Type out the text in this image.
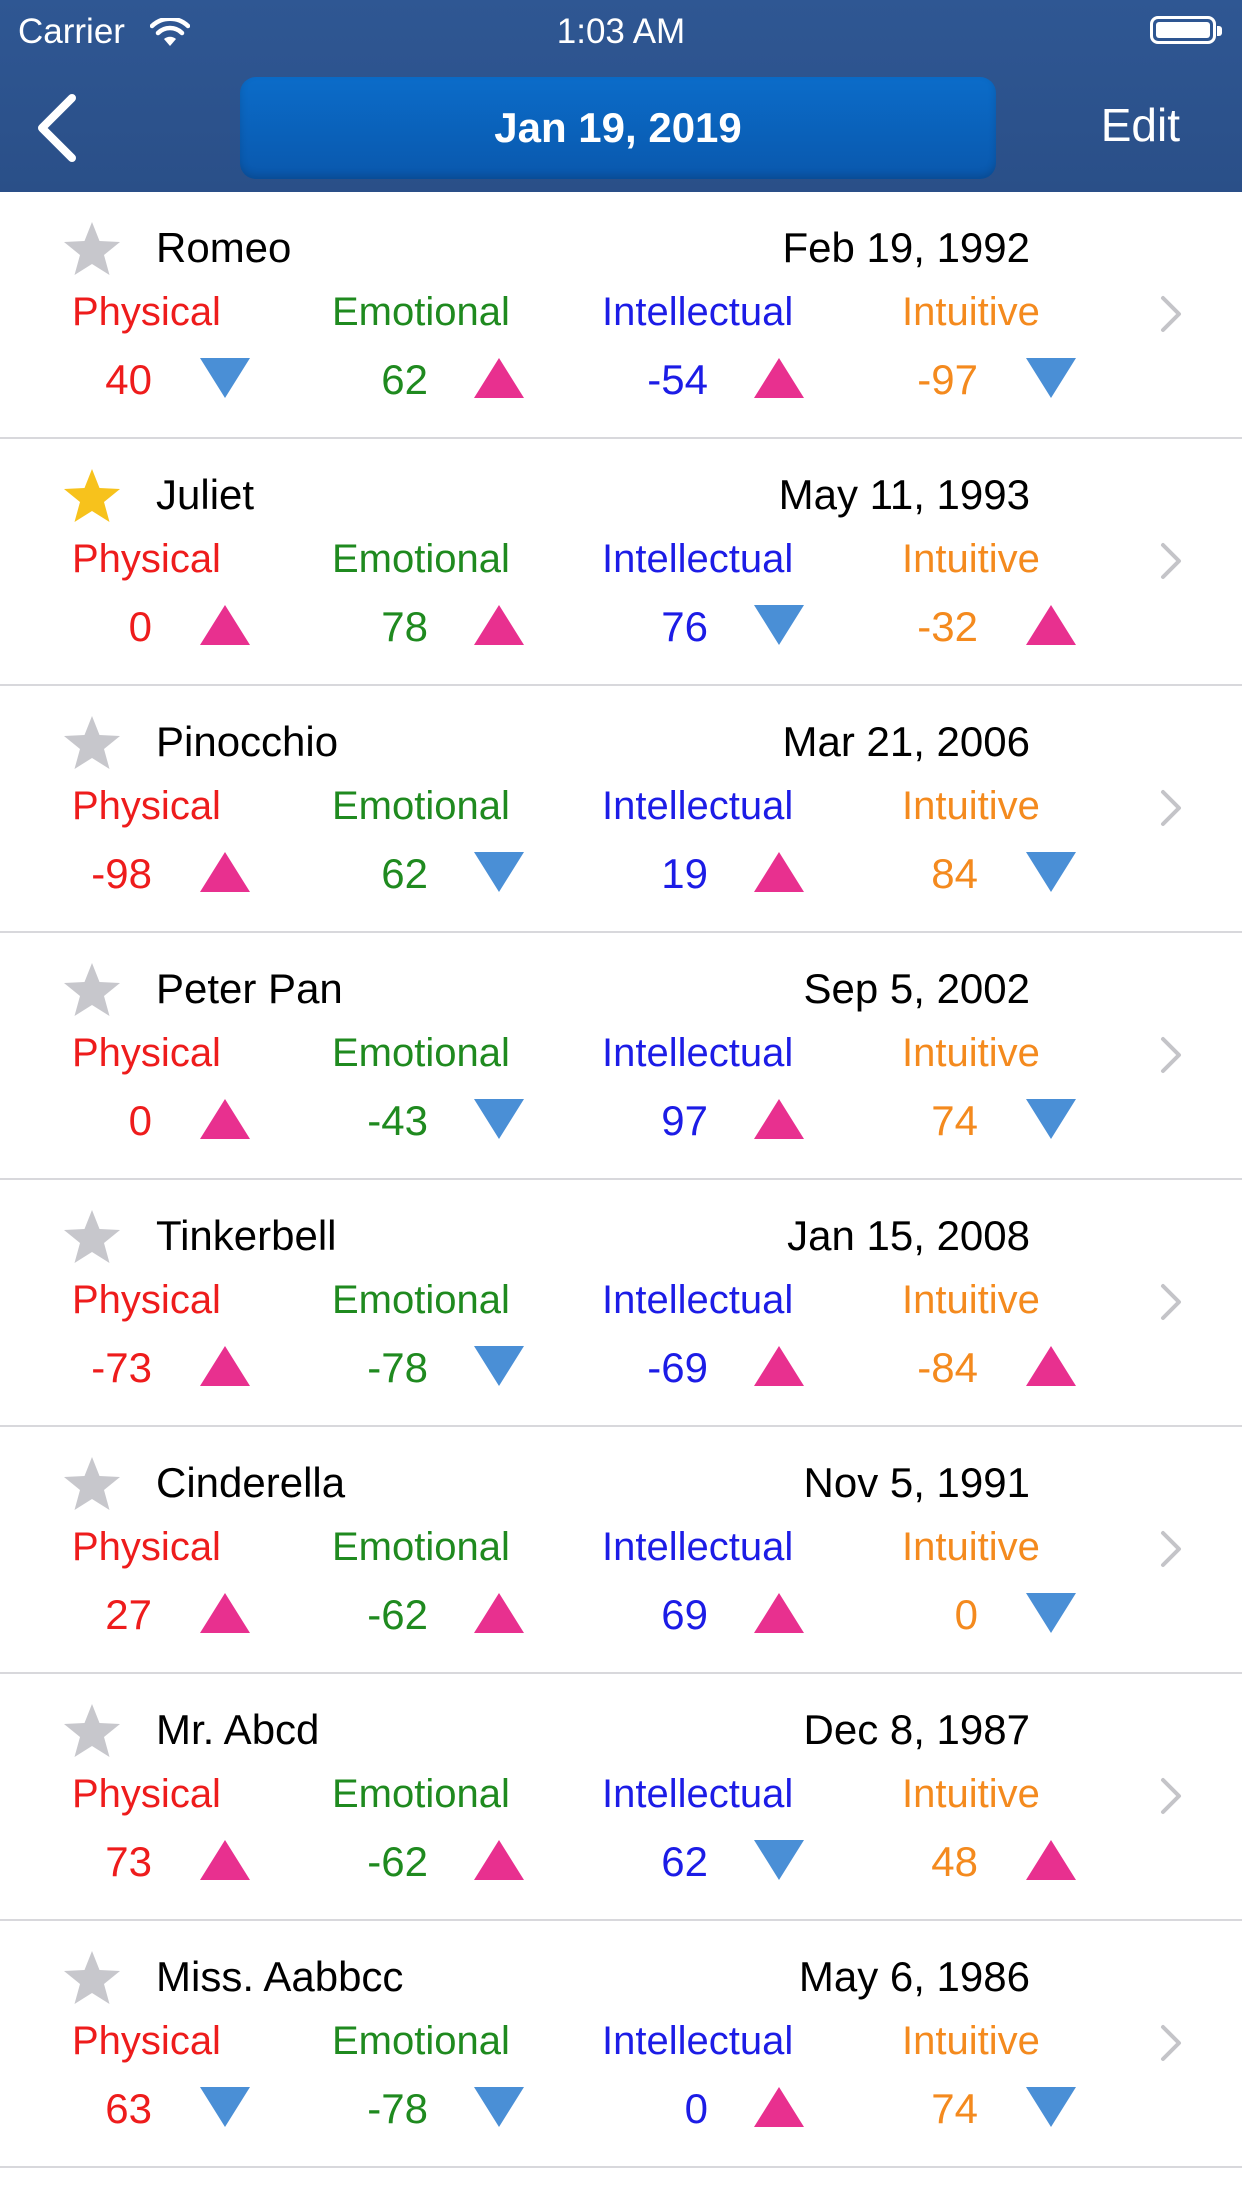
Carrier	1:03 AM
Jan 19, 2019	Edit
Romeo	Feb 19, 1992
Physical	Emotional Intellectual	Intuitive
40	62	-54	-97
Juliet	May 11, 1993
Physical	Emotional Intellectual	Intuitive
0	78	76	-32
Pinocchio	Mar 21, 2006
Physical	Emotional Intellectual	Intuitive
-98	62	19	84
Peter Pan	Sep 5, 2002
Physical	Emotional Intellectual	Intuitive
0	-43	97	74
Tinkerbell	Jan 15, 2008
Physical	Emotional Intellectual	Intuitive
-73	-78	-69	-84
Cinderella	Nov 5, 1991
Physical	Emotional Intellectual	Intuitive
27	-62	69	0
Mr. Abcd	Dec 8, 1987
Physical	Emotional Intellectual	Intuitive
73	-62	62	48
Miss. Aabbcc	May 6, 1986
Physical	Emotional Intellectual	Intuitive
63	-78	0	74
